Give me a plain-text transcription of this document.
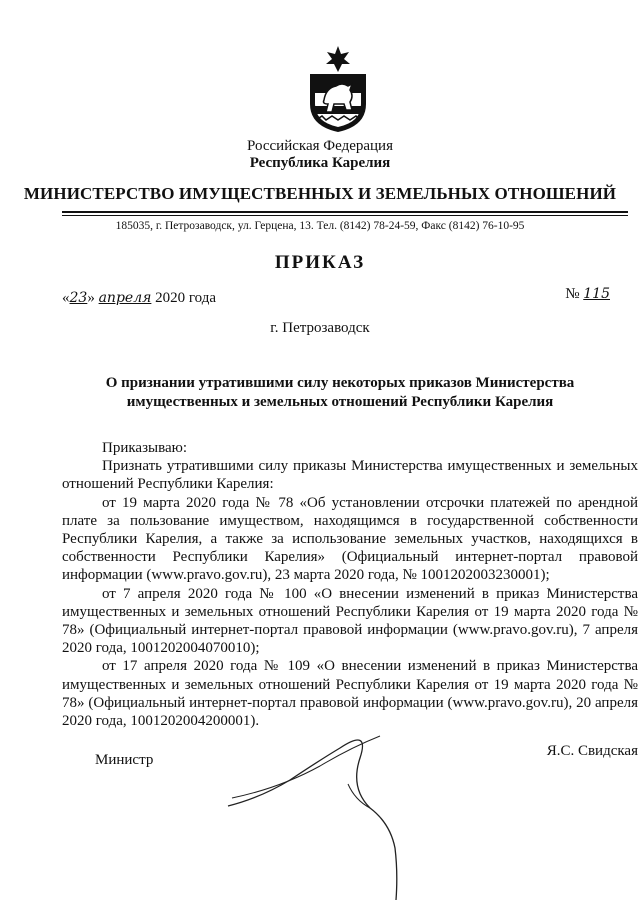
Российская Федерация
Республика Карелия
МИНИСТЕРСТВО ИМУЩЕСТВЕННЫХ И ЗЕМЕЛЬНЫХ ОТНОШЕНИЙ
185035, г. Петрозаводск, ул. Герцена, 13. Тел. (8142) 78-24-59, Факс (8142) 76-10-95
ПРИКАЗ
«23» апреля 2020 года	№ 115
г. Петрозаводск
О признании утратившими силу некоторых приказов Министерства имущественных и земельных отношений Республики Карелия

Приказываю:

Признать утратившими силу приказы Министерства имущественных и земельных отношений Республики Карелия:

от 19 марта 2020 года № 78 «Об установлении отсрочки платежей по арендной плате за пользование имуществом, находящимся в государственной собственности Республики Карелия, а также за использование земельных участков, находящихся в собственности Республики Карелия» (Официальный интернет-портал правовой информации (www.pravo.gov.ru), 23 марта 2020 года, № 1001202003230001);

от 7 апреля 2020 года № 100 «О внесении изменений в приказ Министерства имущественных и земельных отношений Республики Карелия от 19 марта 2020 года № 78» (Официальный интернет-портал правовой информации (www.pravo.gov.ru), 7 апреля 2020 года, 1001202004070010);

от 17 апреля 2020 года № 109 «О внесении изменений в приказ Министерства имущественных и земельных отношений Республики Карелия от 19 марта 2020 года № 78» (Официальный интернет-портал правовой информации (www.pravo.gov.ru), 20 апреля 2020 года, 1001202004200001).

Министр
Я.С. Свидская
